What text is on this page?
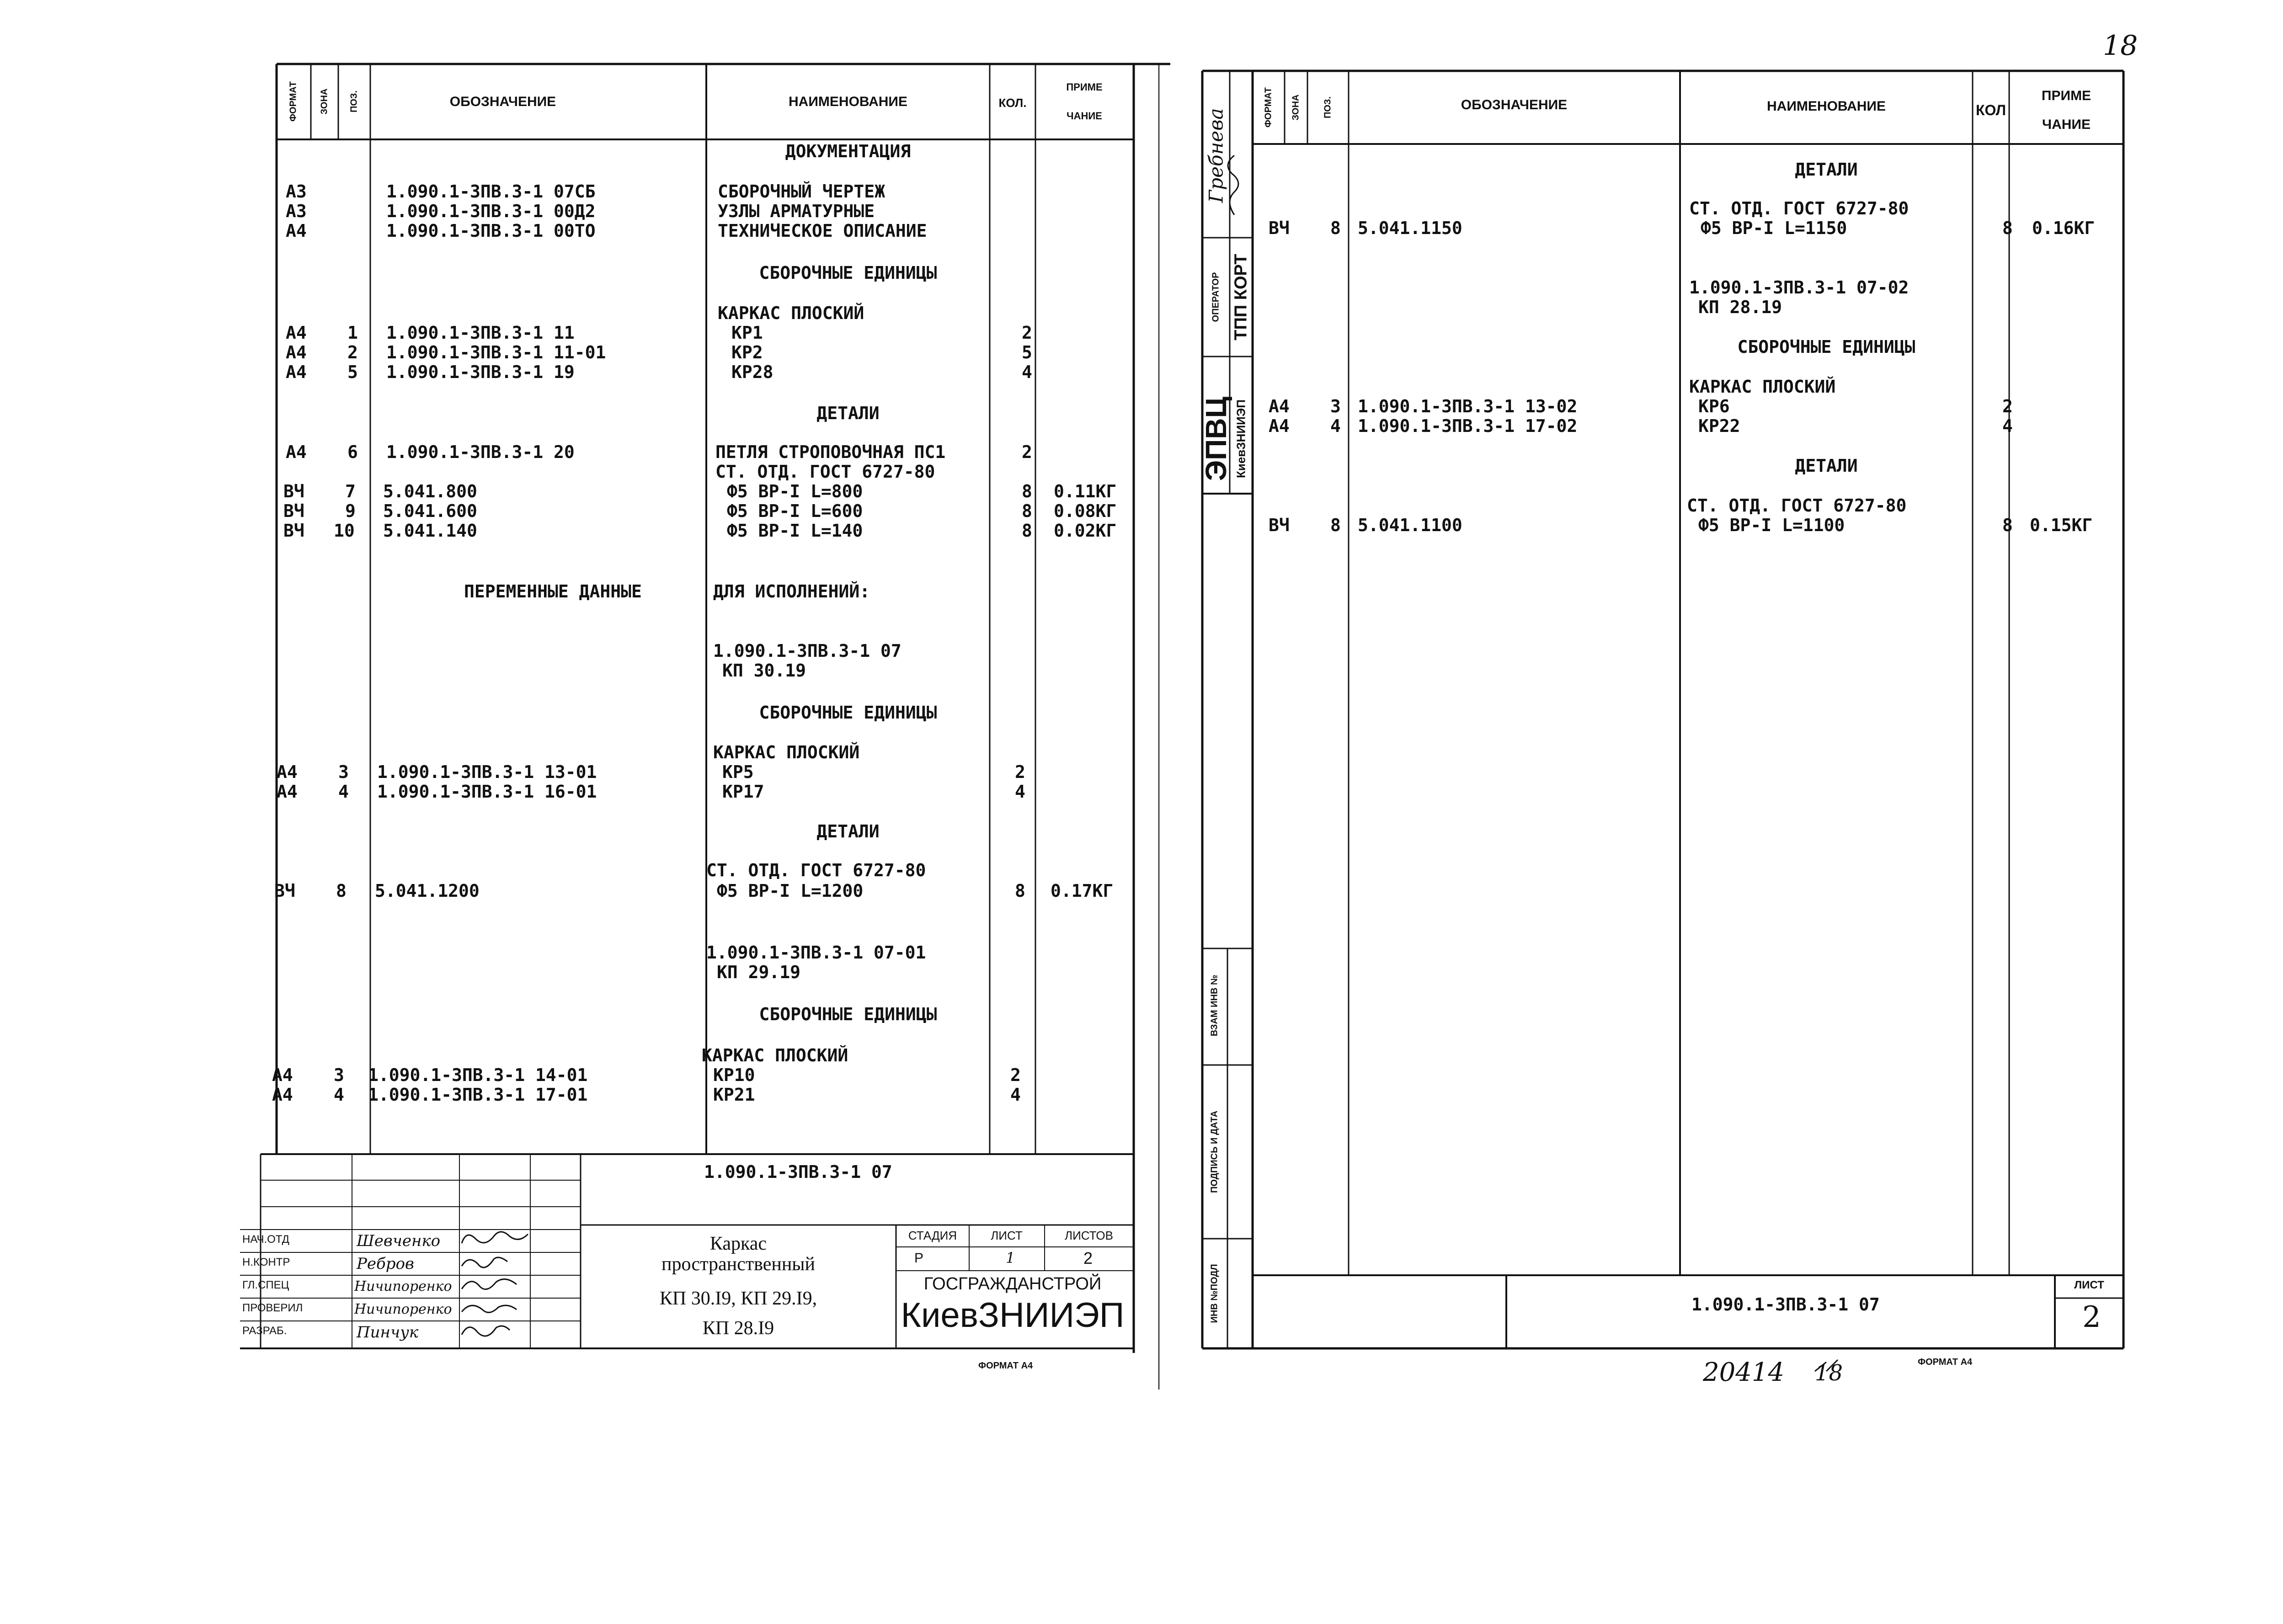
18
ФОРМАТ ЗОНА ПОЗ.	ОБОЗНАЧЕНИЕ	НАИМЕНОВАНИЕ	КОЛ.
ПРИМЕ
ЧАНИЕ
ДОКУМЕНТАЦИЯ
СБОРОЧНЫЕ ЕДИНИЦЫ
ДЕТАЛИ
ПЕРЕМЕННЫЕ ДАННЫЕ
СБОРОЧНЫЕ ЕДИНИЦЫ
ДЕТАЛИ
СБОРОЧНЫЕ ЕДИНИЦЫ
А3	1.090.1-3ПВ.3-1 07СБ	СБОРОЧНЫЙ ЧЕРТЕЖ
А3	1.090.1-3ПВ.3-1 00Д2	УЗЛЫ АРМАТУРНЫЕ
А4	1.090.1-3ПВ.3-1 00ТО	ТЕХНИЧЕСКОЕ ОПИСАНИЕ
КАРКАС ПЛОСКИЙ
А4 1 1.090.1-3ПВ.3-1 11	КР1	2
А4 2 1.090.1-3ПВ.3-1 11-01	КР2	5
А4 5 1.090.1-3ПВ.3-1 19	КР28	4
А4 6 1.090.1-3ПВ.3-1 20	ПЕТЛЯ СТРОПОВОЧНАЯ ПС1	2
СТ. ОТД. ГОСТ 6727-80
ВЧ 7 5.041.800	Ф5 ВР-I L=800	8 0.11КГ
ВЧ 9 5.041.600	Ф5 ВР-I L=600	8 0.08КГ
ВЧ 10 5.041.140	Ф5 ВР-I L=140	8 0.02КГ
ДЛЯ ИСПОЛНЕНИЙ:
1.090.1-3ПВ.3-1 07
КП 30.19
КАРКАС ПЛОСКИЙ
А4 3 1.090.1-3ПВ.3-1 13-01	КР5	2
А4 4 1.090.1-3ПВ.3-1 16-01	КР17	4
СТ. ОТД. ГОСТ 6727-80
ВЧ 8 5.041.1200	Ф5 ВР-I L=1200	8 0.17КГ
1.090.1-3ПВ.3-1 07-01
КП 29.19
КАРКАС ПЛОСКИЙ
А4 3 1.090.1-3ПВ.3-1 14-01	КР10	2
А4 4 1.090.1-3ПВ.3-1 17-01	КР21	4
1.090.1-3ПВ.3-1 07
НАЧ.ОТД
Н.КОНТР
ГЛ.СПЕЦ
ПРОВЕРИЛ
РАЗРАБ.
Шевченко
Ребров
Ничипоренко
Ничипоренко
Пинчук
Каркас
пространственный
КП 30.I9, КП 29.I9,
КП 28.I9
СТАДИЯ	ЛИСТ	ЛИСТОВ
Р	1	2
ГОСГРАЖДАНСТРОЙ
КиевЗНИИЭП
ФОРМАТ А4
Гребнева
ОПЕРАТОР ТПП КОРТ
ЭПВЦ КиевЗНИИЭП
ВЗАМ ИНВ №
ПОДПИСЬ И ДАТА
ИНВ №ПОДЛ
ФОРМАТ ЗОНА ПОЗ.	ОБОЗНАЧЕНИЕ	НАИМЕНОВАНИЕ	КОЛ
ПРИМЕ
ЧАНИЕ
ДЕТАЛИ
СБОРОЧНЫЕ ЕДИНИЦЫ
ДЕТАЛИ
СТ. ОТД. ГОСТ 6727-80
ВЧ 8 5.041.1150	Ф5 ВР-I L=1150	8 0.16КГ
1.090.1-3ПВ.3-1 07-02
КП 28.19
КАРКАС ПЛОСКИЙ
А4 3 1.090.1-3ПВ.3-1 13-02	КР6	2
А4 4 1.090.1-3ПВ.3-1 17-02	КР22	4
СТ. ОТД. ГОСТ 6727-80
ВЧ 8 5.041.1100	Ф5 ВР-I L=1100	8 0.15КГ
1.090.1-3ПВ.3-1 07
ЛИСТ
2
20414 18	ФОРМАТ А4
